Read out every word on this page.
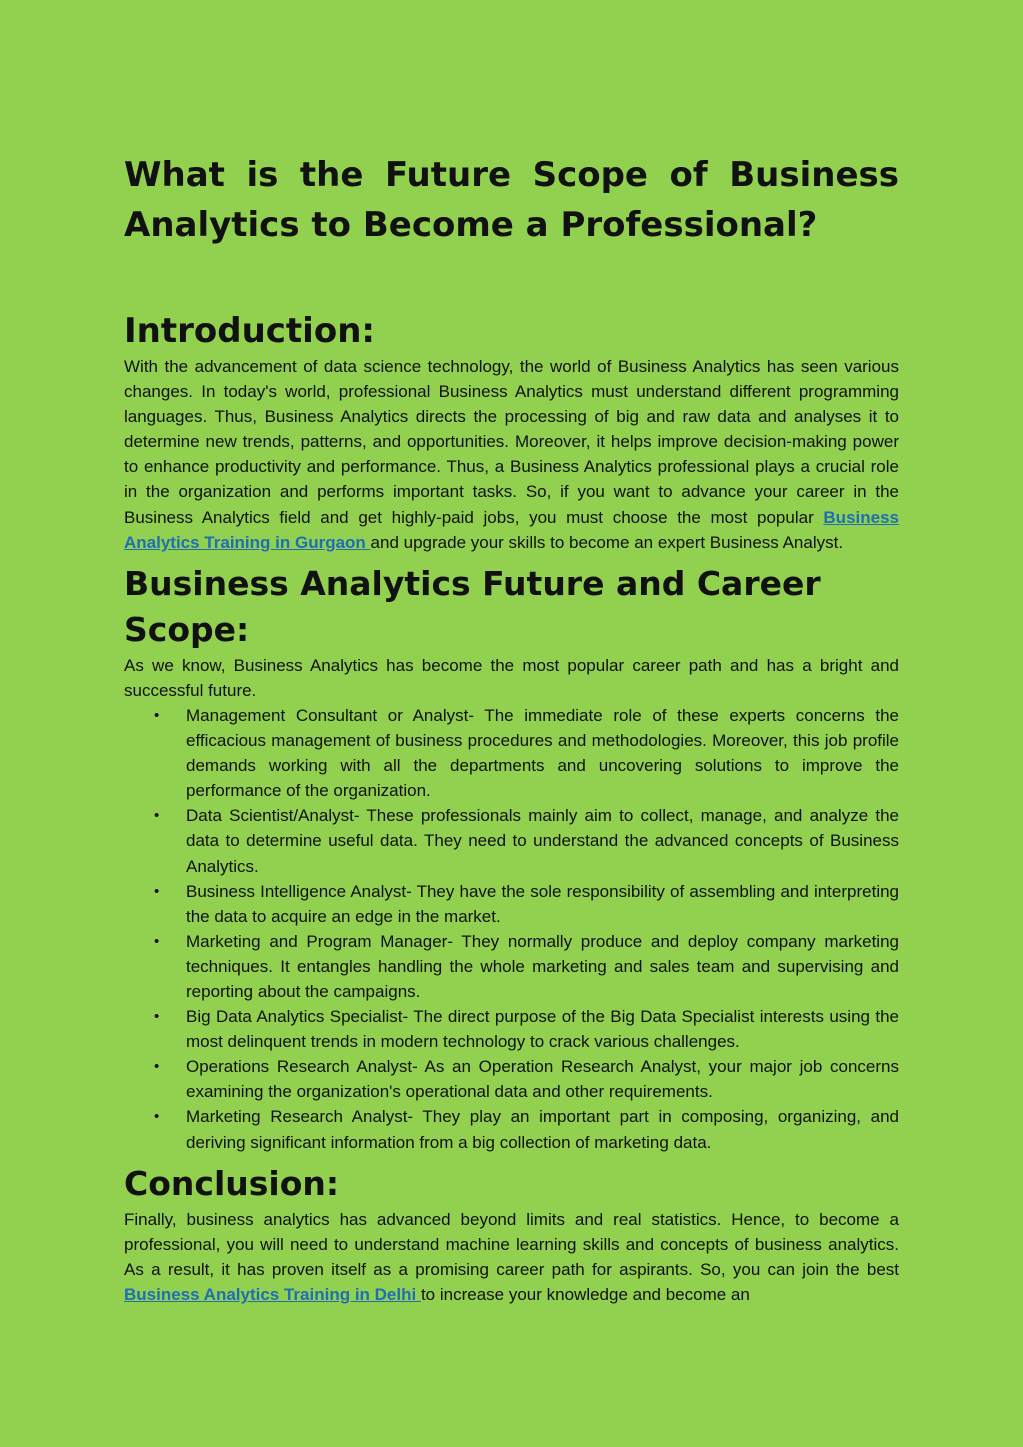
What is the Future Scope of Business
Analytics to Become a Professional?
Introduction:

With the advancement of data science technology, the world of Business Analytics has seen various changes. In today's world, professional Business Analytics must understand different programming languages. Thus, Business Analytics directs the processing of big and raw data and analyses it to determine new trends, patterns, and opportunities. Moreover, it helps improve decision-making power to enhance productivity and performance. Thus, a Business Analytics professional plays a crucial role in the organization and performs important tasks. So, if you want to advance your career in the Business Analytics field and get highly-paid jobs, you must choose the most popular Business Analytics Training in Gurgaon and upgrade your skills to become an expert Business Analyst.

Business Analytics Future and Career Scope:

As we know, Business Analytics has become the most popular career path and has a bright and successful future.

• Management Consultant or Analyst- The immediate role of these experts concerns the efficacious management of business procedures and methodologies. Moreover, this job profile demands working with all the departments and uncovering solutions to improve the performance of the organization.
• Data Scientist/Analyst- These professionals mainly aim to collect, manage, and analyze the data to determine useful data. They need to understand the advanced concepts of Business Analytics.
• Business Intelligence Analyst- They have the sole responsibility of assembling and interpreting the data to acquire an edge in the market.
• Marketing and Program Manager- They normally produce and deploy company marketing techniques. It entangles handling the whole marketing and sales team and supervising and reporting about the campaigns.
• Big Data Analytics Specialist- The direct purpose of the Big Data Specialist interests using the most delinquent trends in modern technology to crack various challenges.
• Operations Research Analyst- As an Operation Research Analyst, your major job concerns examining the organization's operational data and other requirements.
• Marketing Research Analyst- They play an important part in composing, organizing, and deriving significant information from a big collection of marketing data.
Conclusion:

Finally, business analytics has advanced beyond limits and real statistics. Hence, to become a professional, you will need to understand machine learning skills and concepts of business analytics. As a result, it has proven itself as a promising career path for aspirants. So, you can join the best Business Analytics Training in Delhi to increase your knowledge and become an
